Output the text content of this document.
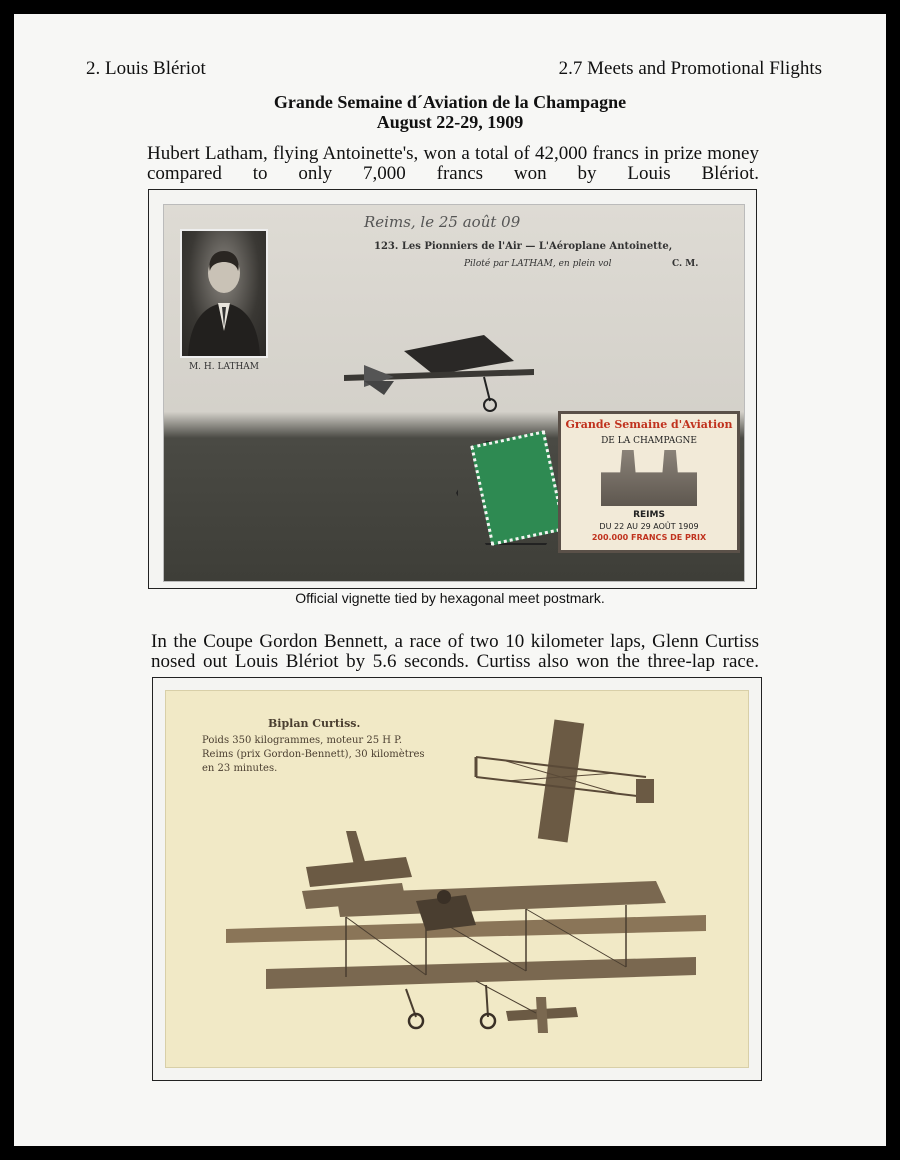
2. Louis Blériot	2.7 Meets and Promotional Flights
Grande Semaine d´Aviation de la Champagne
August 22-29, 1909
Hubert Latham, flying Antoinette's, won a total of 42,000 francs in prize money compared to only 7,000 francs won by Louis Blériot.
Reims, le 25 août 09
M. H. LATHAM
123. Les Pionniers de l'Air — L'Aéroplane Antoinette,
Piloté par LATHAM, en plein vol	C. M.
Grande Semaine d'Aviation
DE LA CHAMPAGNE
REIMS
DU 22 AU 29 AOÛT 1909
200.000 FRANCS DE PRIX
Official vignette tied by hexagonal meet postmark.
In the Coupe Gordon Bennett, a race of two 10 kilometer laps, Glenn Curtiss nosed out Louis Blériot by 5.6 seconds. Curtiss also won the three-lap race.
Biplan Curtiss.
Poids 350 kilogrammes, moteur 25 H P.
Reims (prix Gordon-Bennett), 30 kilomètres
en 23 minutes.
